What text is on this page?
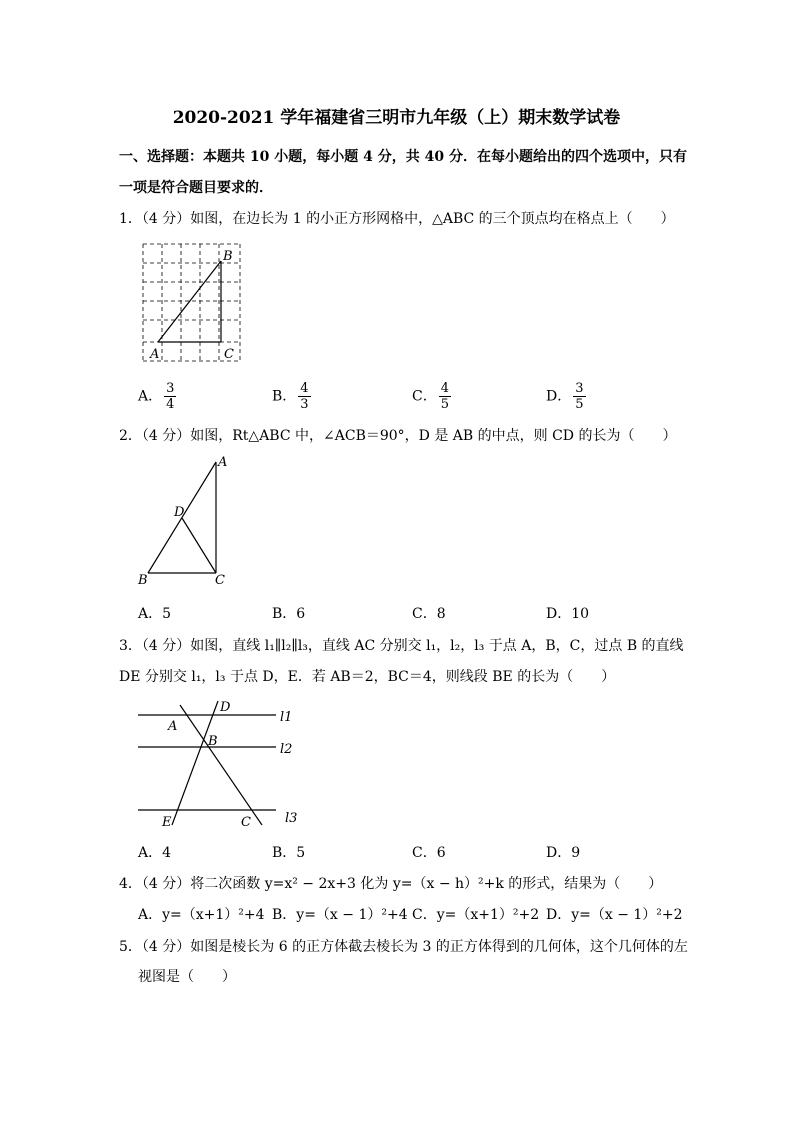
2020-2021 学年福建省三明市九年级（上）期末数学试卷
一、选择题：本题共 10 小题，每小题 4 分，共 40 分．在每小题给出的四个选项中，只有
一项是符合题目要求的．
1．（4 分）如图，在边长为 1 的小正方形网格中，△ABC 的三个顶点均在格点上（　　）
A
B
C
A． $\frac{3}{4}$	B． $\frac{4}{3}$	C． $\frac{4}{5}$	D． $\frac{3}{5}$
2．（4 分）如图，Rt△ABC 中，∠ACB＝90°，D 是 AB 的中点，则 CD 的长为（　　）
A
D
B	C
A．5	B．6	C．8	D．10
3．（4 分）如图，直线 l₁∥l₂∥l₃，直线 AC 分别交 l₁，l₂，l₃ 于点 A，B，C，过点 B 的直线
DE 分别交 l₁，l₃ 于点 D，E．若 AB＝2，BC＝4，则线段 BE 的长为（　　）
A
B
C
D
E
l1
l2
l3
A．4	B．5	C．6	D．9
4．（4 分）将二次函数 y=x² − 2x+3 化为 y=（x − h）²+k 的形式，结果为（　　）
A．y=（x+1）²+4 B．y=（x − 1）²+4 C．y=（x+1）²+2 D．y=（x − 1）²+2
5．（4 分）如图是棱长为 6 的正方体截去棱长为 3 的正方体得到的几何体，这个几何体的左
视图是（　　）
